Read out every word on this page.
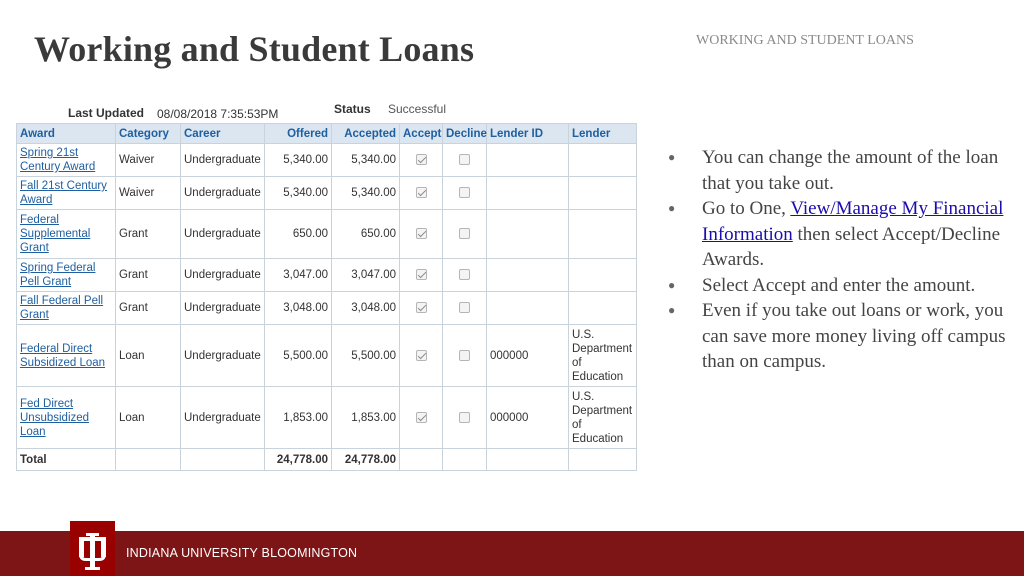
Working and Student Loans	WORKING AND STUDENT LOANS
Last Updated 08/08/2018 7:35:53PM	Status Successful
Award	Category	Career	Offered	Accepted	Accept	Decline	Lender ID	Lender
Spring 21st Century Award	Waiver	Undergraduate	5,340.00	5,340.00				
Fall 21st Century Award	Waiver	Undergraduate	5,340.00	5,340.00				
Federal Supplemental Grant	Grant	Undergraduate	650.00	650.00				
Spring Federal Pell Grant	Grant	Undergraduate	3,047.00	3,047.00				
Fall Federal Pell Grant	Grant	Undergraduate	3,048.00	3,048.00				
Federal Direct Subsidized Loan	Loan	Undergraduate	5,500.00	5,500.00			000000	U.S. Department of Education
Fed Direct Unsubsidized Loan	Loan	Undergraduate	1,853.00	1,853.00			000000	U.S. Department of Education
Total			24,778.00	24,778.00				
● You can change the amount of the loan that you take out.
● Go to One, View/Manage My Financial Information then select Accept/Decline Awards.
● Select Accept and enter the amount.
● Even if you take out loans or work, you can save more money living off campus than on campus.
INDIANA UNIVERSITY BLOOMINGTON
